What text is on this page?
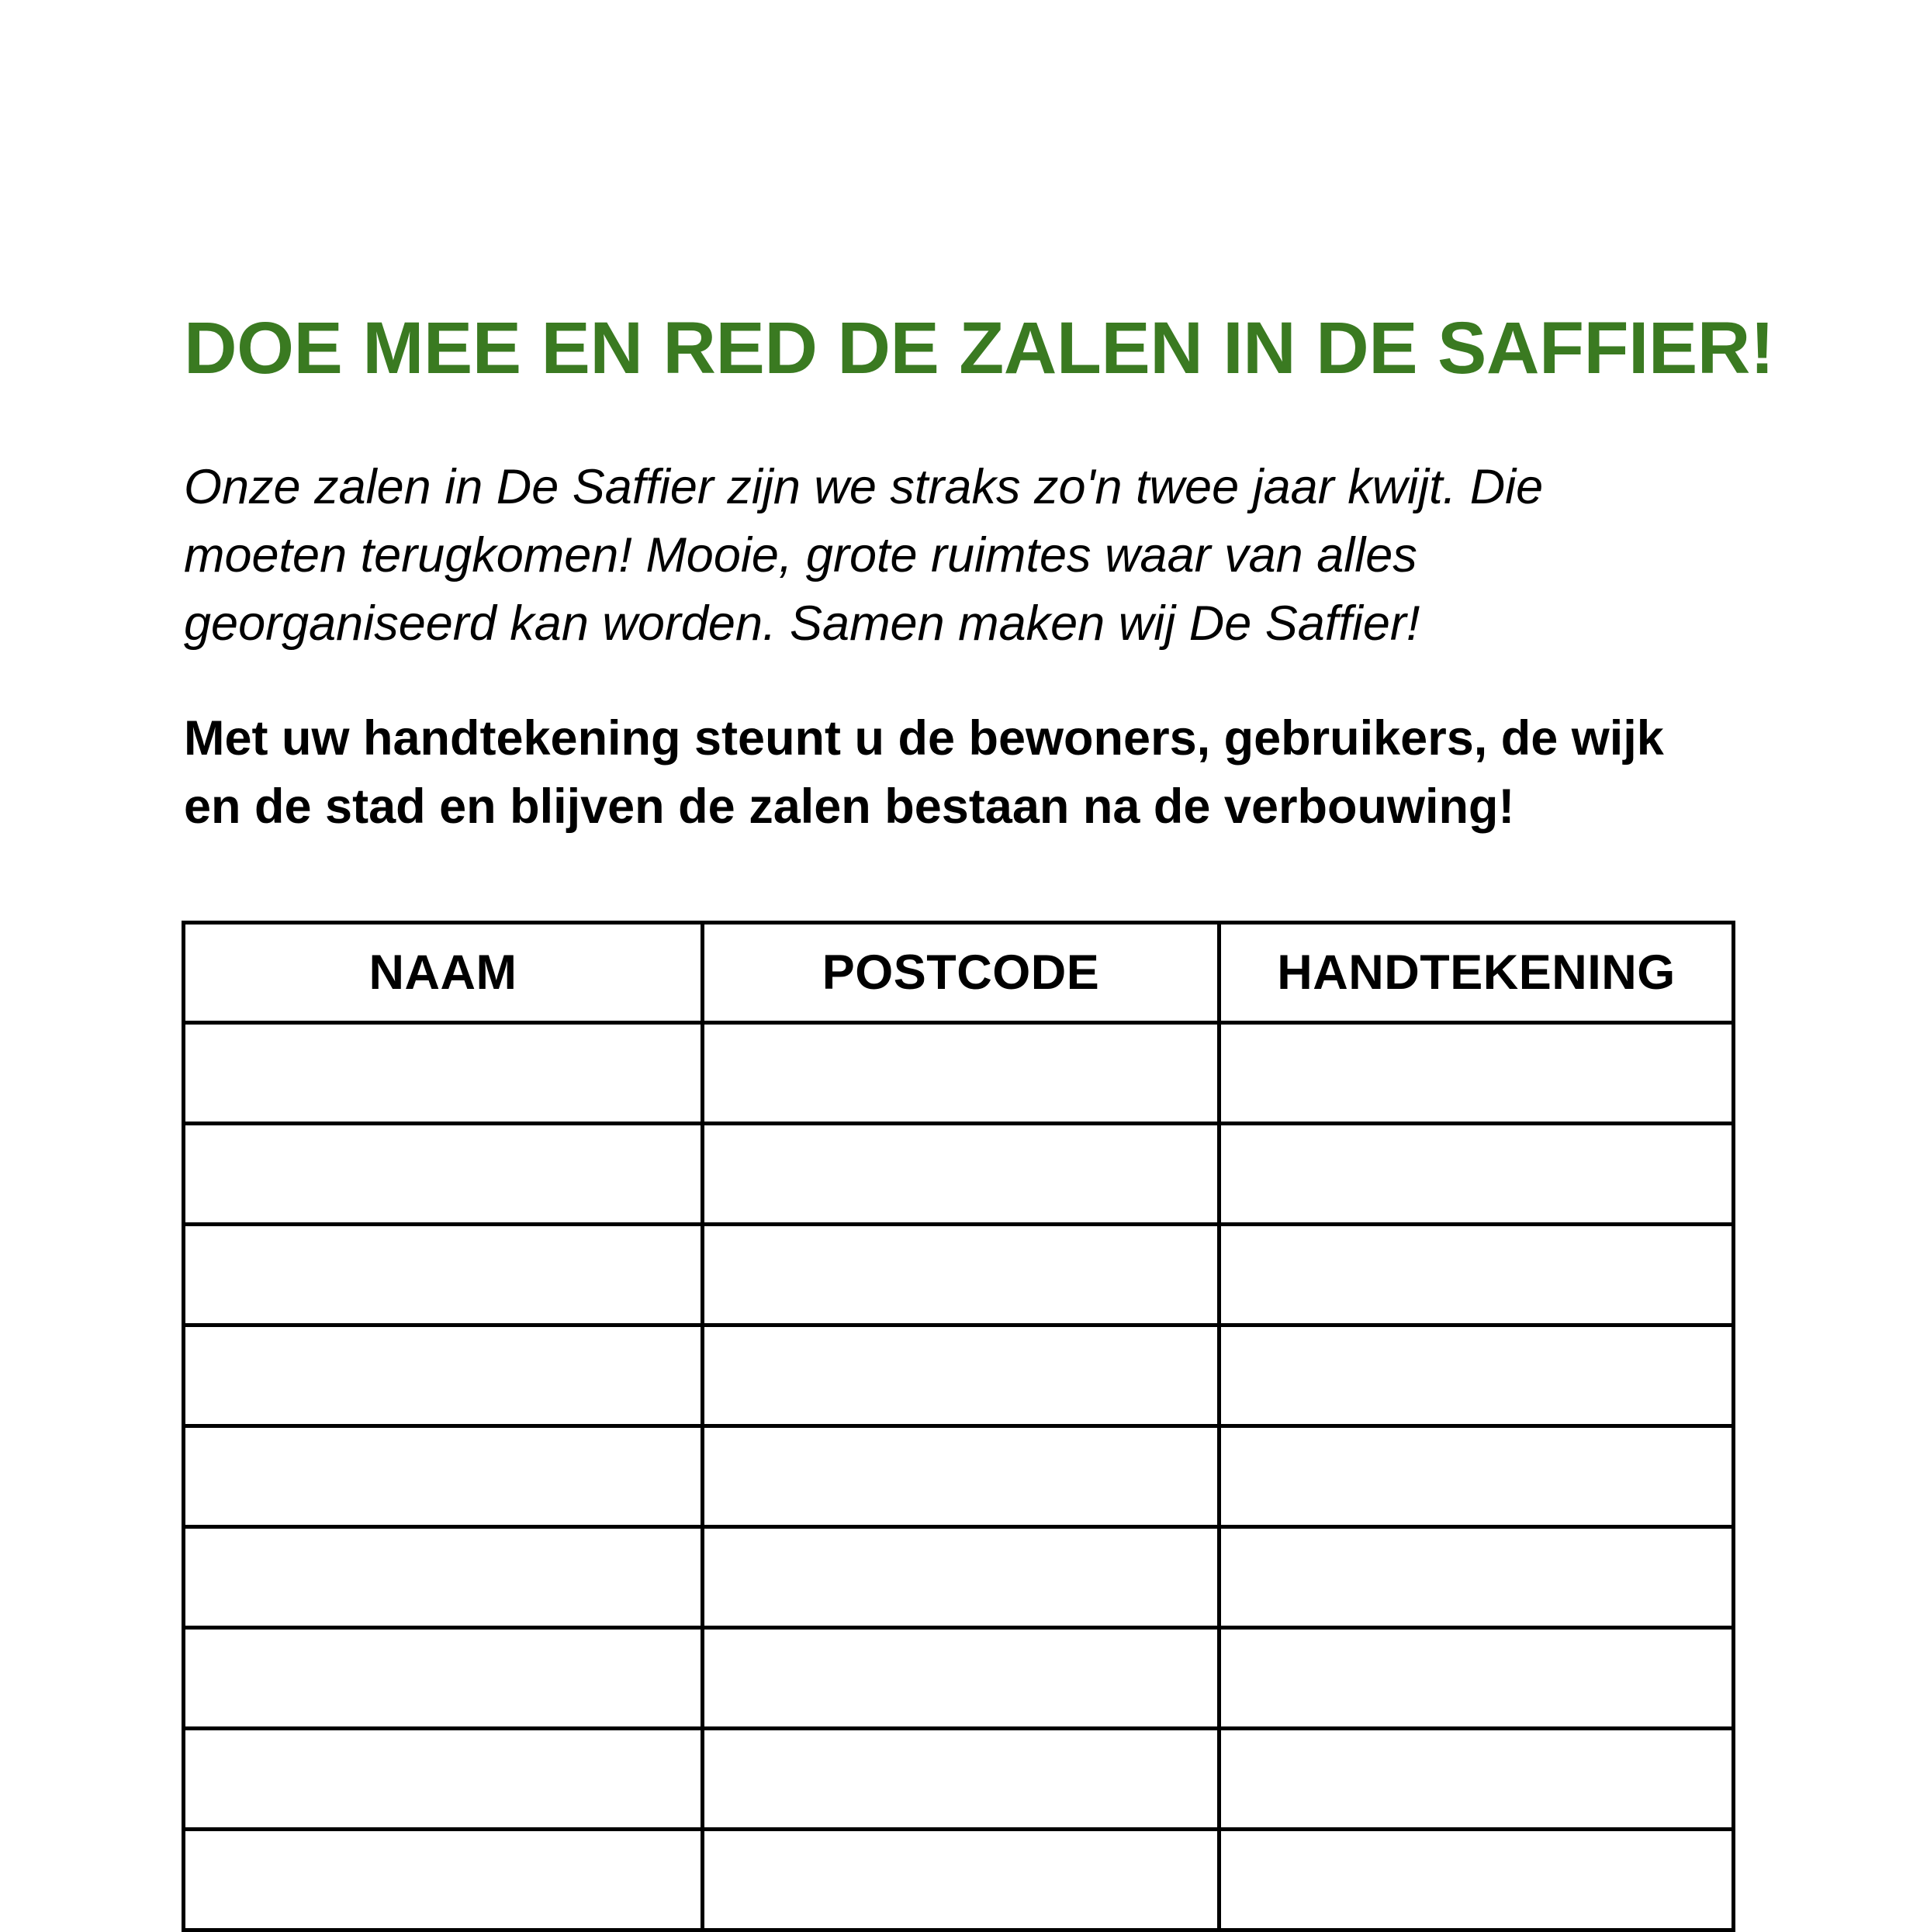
DOE MEE EN RED DE ZALEN IN DE SAFFIER!

Onze zalen in De Saffier zijn we straks zo'n twee jaar kwijt. Die moeten terugkomen! Mooie, grote ruimtes waar van alles georganiseerd kan worden. Samen maken wij De Saffier!

Met uw handtekening steunt u de bewoners, gebruikers, de wijk en de stad en blijven de zalen bestaan na de verbouwing!

NAAM	POSTCODE	HANDTEKENING
